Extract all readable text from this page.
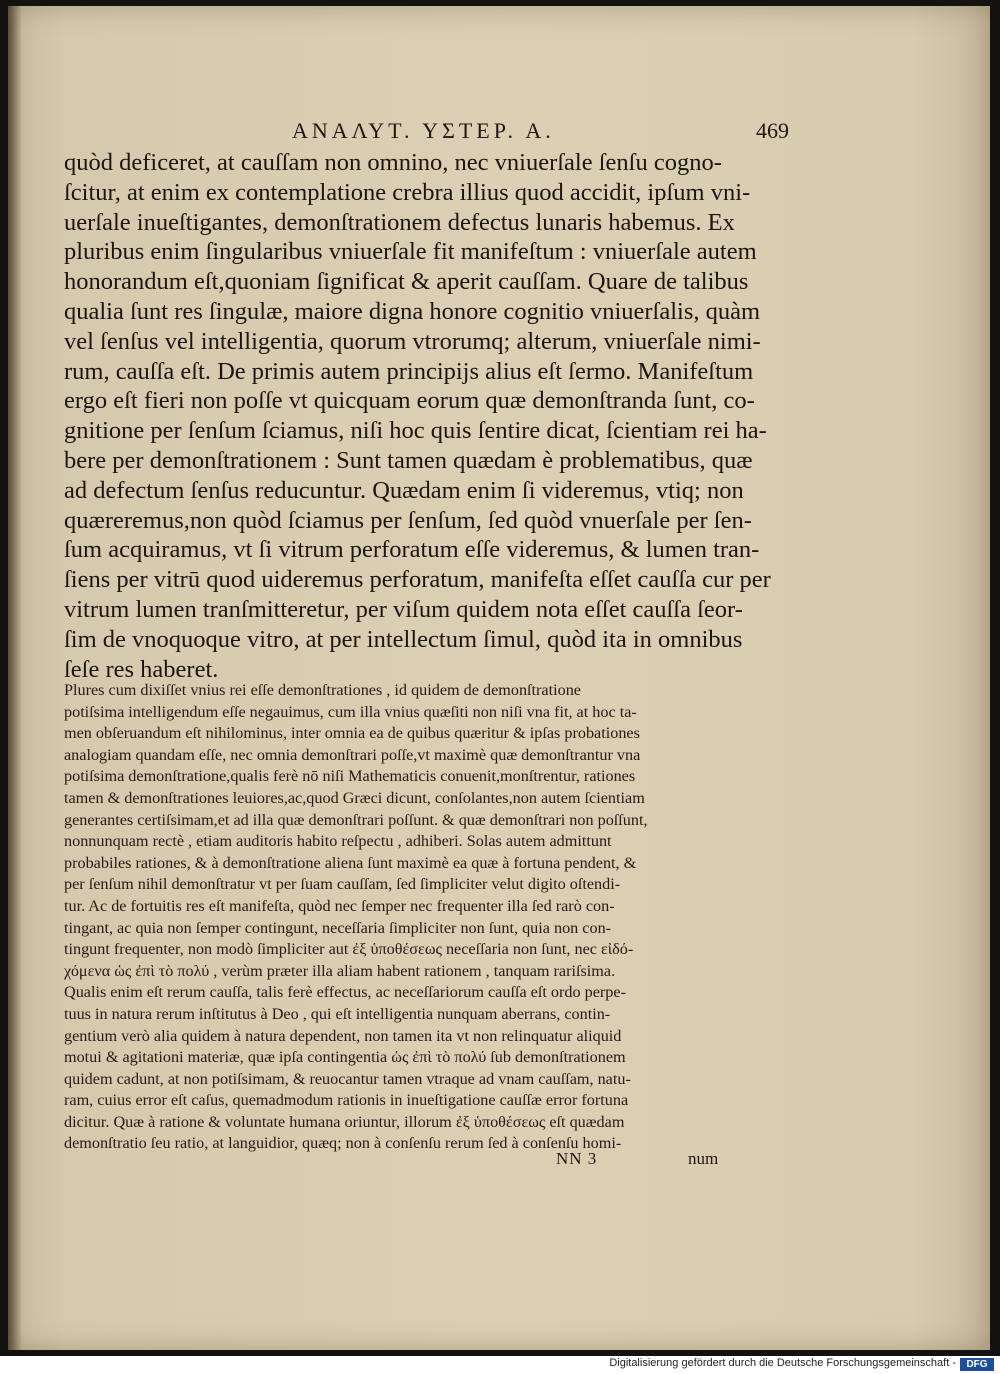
ΑΝΑΛΥΤ. ΥΣΤΕΡ. Α.	469
quòd deficeret, at cauſſam non omnino, nec vniuerſale ſenſu cogno-
ſcitur, at enim ex contemplatione crebra illius quod accidit, ipſum vni-
uerſale inueſtigantes, demonſtrationem defectus lunaris habemus. Ex
pluribus enim ſingularibus vniuerſale fit manifeſtum : vniuerſale autem
honorandum eſt,quoniam ſignificat & aperit cauſſam. Quare de talibus
qualia ſunt res ſingulæ, maiore digna honore cognitio vniuerſalis, quàm
vel ſenſus vel intelligentia, quorum vtrorumq; alterum, vniuerſale nimi-
rum, cauſſa eſt. De primis autem principijs alius eſt ſermo. Manifeſtum
ergo eſt fieri non poſſe vt quicquam eorum quæ demonſtranda ſunt, co-
gnitione per ſenſum ſciamus, niſi hoc quis ſentire dicat, ſcientiam rei ha-
bere per demonſtrationem : Sunt tamen quædam è problematibus, quæ
ad defectum ſenſus reducuntur. Quædam enim ſi videremus, vtiq; non
quæreremus,non quòd ſciamus per ſenſum, ſed quòd vnuerſale per ſen-
ſum acquiramus, vt ſi vitrum perforatum eſſe videremus, & lumen tran-
ſiens per vitrū quod uideremus perforatum, manifeſta eſſet cauſſa cur per
vitrum lumen tranſmitteretur, per viſum quidem nota eſſet cauſſa ſeor-
ſim de vnoquoque vitro, at per intellectum ſimul, quòd ita in omnibus
ſeſe res haberet.
Plures cum dixiſſet vnius rei eſſe demonſtrationes , id quidem de demonſtratione
potiſsima intelligendum eſſe negauimus, cum illa vnius quæſiti non niſi vna fit, at hoc ta-
men obſeruandum eſt nihilominus, inter omnia ea de quibus quæritur & ipſas probationes
analogiam quandam eſſe, nec omnia demonſtrari poſſe,vt maximè quæ demonſtrantur vna
potiſsima demonſtratione,qualis ferè nō niſi Mathematicis conuenit,monſtrentur, rationes
tamen & demonſtrationes leuiores,ac,quod Græci dicunt, conſolantes,non autem ſcientiam
generantes certiſsimam,et ad illa quæ demonſtrari poſſunt. & quæ demonſtrari non poſſunt,
nonnunquam rectè , etiam auditoris habito reſpectu , adhiberi. Solas autem admittunt
probabiles rationes, & à demonſtratione aliena ſunt maximè ea quæ à fortuna pendent, &
per ſenſum nihil demonſtratur vt per ſuam cauſſam, ſed ſimpliciter velut digito oſtendi-
tur. Ac de fortuitis res eſt manifeſta, quòd nec ſemper nec frequenter illa ſed rarò con-
tingant, ac quia non ſemper contingunt, neceſſaria ſimpliciter non ſunt, quia non con-
tingunt frequenter, non modò ſimpliciter aut ἐξ ὑποθέσεως neceſſaria non ſunt, nec εἰδό-
χόμενα ὡς ἐπὶ τὸ πολύ , verùm præter illa aliam habent rationem , tanquam rariſsima.
Qualis enim eſt rerum cauſſa, talis ferè effectus, ac neceſſariorum cauſſa eſt ordo perpe-
tuus in natura rerum inſtitutus à Deo , qui eſt intelligentia nunquam aberrans, contin-
gentium verò alia quidem à natura dependent, non tamen ita vt non relinquatur aliquid
motui & agitationi materiæ, quæ ipſa contingentia ὡς ἐπὶ τὸ πολύ ſub demonſtrationem
quidem cadunt, at non potiſsimam, & reuocantur tamen vtraque ad vnam cauſſam, natu-
ram, cuius error eſt caſus, quemadmodum rationis in inueſtigatione cauſſæ error fortuna
dicitur. Quæ à ratione & voluntate humana oriuntur, illorum ἐξ ὑποθέσεως eſt quædam
demonſtratio ſeu ratio, at languidior, quæq; non à conſenſu rerum ſed à conſenſu homi-
NN 3	num
Digitalisierung gefördert durch die Deutsche Forschungsgemeinschaft -	DFG
